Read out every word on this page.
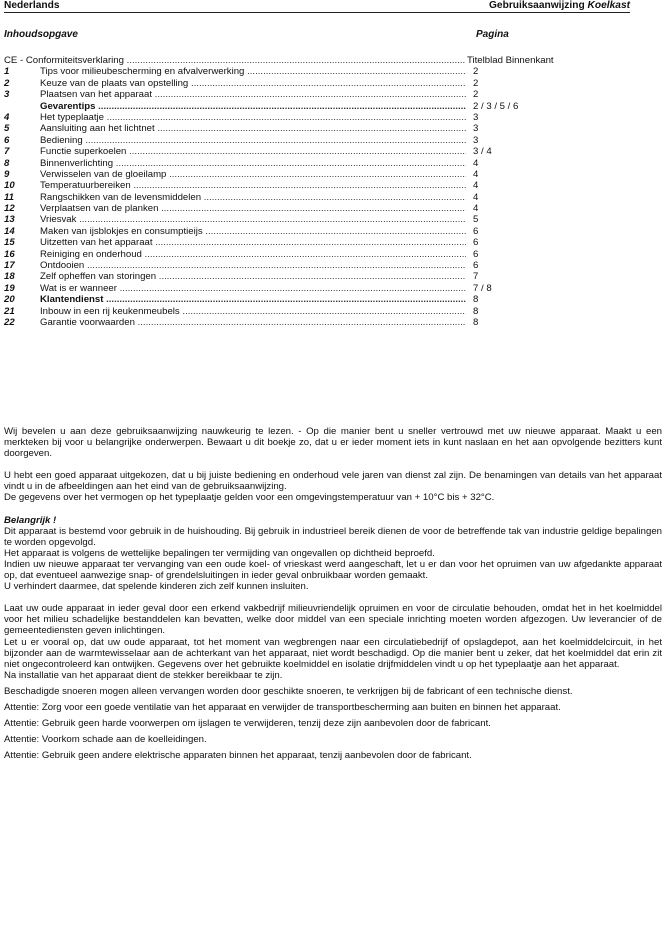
Nederlands	Gebruiksaanwijzing Koelkast
Inhoudsopgave	Pagina
CE - Conformiteitsverklaring .....	Titelblad Binnenkant
1	Tips voor milieubescherming en afvalverwerking .....	2
2	Keuze van de plaats van opstelling .....	2
3	Plaatsen van het apparaat .....	2
Gevarentips .....	2 / 3 / 5 / 6
4	Het typeplaatje .....	3
5	Aansluiting aan het lichtnet .....	3
6	Bediening .....	3
7	Functie superkoelen .....	3 / 4
8	Binnenverlichting .....	4
9	Verwisselen van de gloeilamp .....	4
10	Temperatuurbereiken .....	4
11	Rangschikken van de levensmiddelen .....	4
12	Verplaatsen van de planken .....	4
13	Vriesvak .....	5
14	Maken van ijsblokjes en consumptieijs .....	6
15	Uitzetten van het apparaat .....	6
16	Reiniging en onderhoud .....	6
17	Ontdooien .....	6
18	Zelf opheffen van storingen .....	7
19	Wat is er wanneer .....	7 / 8
20	Klantendienst .....	8
21	Inbouw in een rij keukenmeubels .....	8
22	Garantie voorwaarden .....	8

Wij bevelen u aan deze gebruiksaanwijzing nauwkeurig te lezen. - Op die manier bent u sneller vertrouwd met uw nieuwe apparaat. Maakt u een merkteken bij voor u belangrijke onderwerpen. Bewaart u dit boekje zo, dat u er ieder moment iets in kunt naslaan en het aan opvolgende bezitters kunt doorgeven.

U hebt een goed apparaat uitgekozen, dat u bij juiste bediening en onderhoud vele jaren van dienst zal zijn. De benamingen van details van het apparaat vindt u in de afbeeldingen aan het eind van de gebruiksaanwijzing.

De gegevens over het vermogen op het typeplaatje gelden voor een omgevingstemperatuur van + 10°C bis + 32°C.

Belangrijk !

Dit apparaat is bestemd voor gebruik in de huishouding. Bij gebruik in industrieel bereik dienen de voor de betreffende tak van industrie geldige bepalingen te worden opgevolgd.

Het apparaat is volgens de wettelijke bepalingen ter vermijding van ongevallen op dichtheid beproefd.

Indien uw nieuwe apparaat ter vervanging van een oude koel- of vrieskast werd aangeschaft, let u er dan voor het opruimen van uw afgedankte apparaat op, dat eventueel aanwezige snap- of grendelsluitingen in ieder geval onbruikbaar worden gemaakt.

U verhindert daarmee, dat spelende kinderen zich zelf kunnen insluiten.

Laat uw oude apparaat in ieder geval door een erkend vakbedrijf milieuvriendelijk opruimen en voor de circulatie behouden, omdat het in het koelmiddel voor het milieu schadelijke bestanddelen kan bevatten, welke door middel van een speciale inrichting moeten worden afgezogen. Uw leverancier of de gemeentediensten geven inlichtingen.

Let u er vooral op, dat uw oude apparaat, tot het moment van wegbrengen naar een circulatiebedrijf of opslagdepot, aan het koelmiddelcircuit, in het bijzonder aan de warmtewisselaar aan de achterkant van het apparaat, niet wordt beschadigd. Op die manier bent u zeker, dat het koelmiddel dat erin zit niet ongecontroleerd kan ontwijken. Gegevens over het gebruikte koelmiddel en isolatie drijfmiddelen vindt u op het typeplaatje aan het apparaat.

Na installatie van het apparaat dient de stekker bereikbaar te zijn.

Beschadigde snoeren mogen alleen vervangen worden door geschikte snoeren, te verkrijgen bij de fabricant of een technische dienst.

Attentie: Zorg voor een goede ventilatie van het apparaat en verwijder de transportbescherming aan buiten en binnen het apparaat.

Attentie: Gebruik geen harde voorwerpen om ijslagen te verwijderen, tenzij deze zijn aanbevolen door de fabricant.

Attentie: Voorkom schade aan de koelleidingen.

Attentie: Gebruik geen andere elektrische apparaten binnen het apparaat, tenzij aanbevolen door de fabricant.
